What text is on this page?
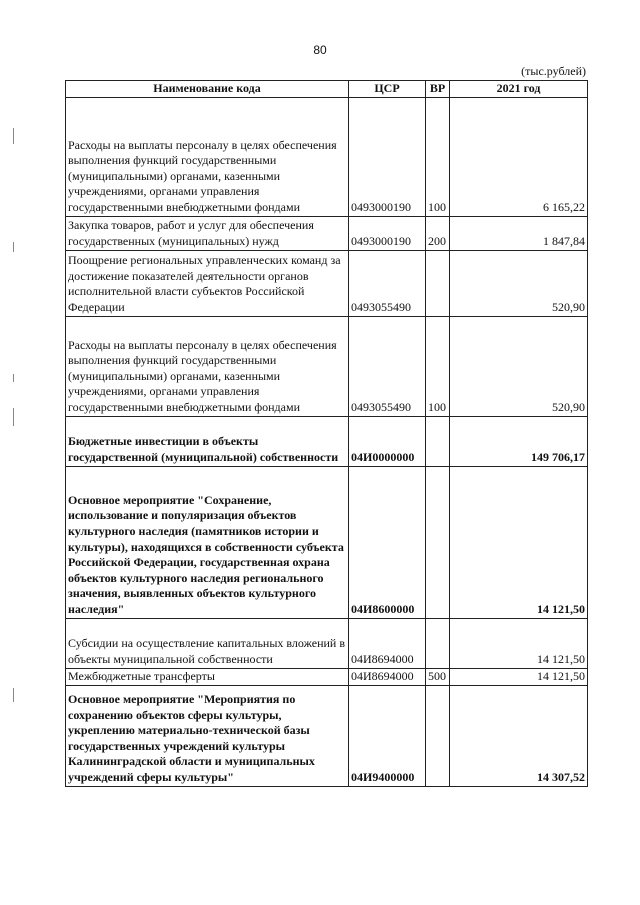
80
(тыс.рублей)
Наименование кода	ЦСР	ВР	2021 год
Расходы на выплаты персоналу в целях обеспечения выполнения функций государственными (муниципальными) органами, казенными учреждениями, органами управления государственными внебюджетными фондами	0493000190	100	6 165,22
Закупка товаров, работ и услуг для обеспечения государственных (муниципальных) нужд	0493000190	200	1 847,84
Поощрение региональных управленческих команд за достижение показателей деятельности органов исполнительной власти субъектов Российской Федерации	0493055490		520,90
Расходы на выплаты персоналу в целях обеспечения выполнения функций государственными (муниципальными) органами, казенными учреждениями, органами управления государственными внебюджетными фондами	0493055490	100	520,90
Бюджетные инвестиции в объекты государственной (муниципальной) собственности	04И0000000		149 706,17
Основное мероприятие "Сохранение, использование и популяризация объектов культурного наследия (памятников истории и культуры), находящихся в собственности субъекта Российской Федерации, государственная охрана объектов культурного наследия регионального значения, выявленных объектов культурного наследия"	04И8600000		14 121,50
Субсидии на осуществление капитальных вложений в объекты муниципальной собственности	04И8694000		14 121,50
Межбюджетные трансферты	04И8694000	500	14 121,50
Основное мероприятие "Мероприятия по сохранению объектов сферы культуры, укреплению материально-технической базы государственных учреждений культуры Калининградской области и муниципальных учреждений сферы культуры"	04И9400000		14 307,52
